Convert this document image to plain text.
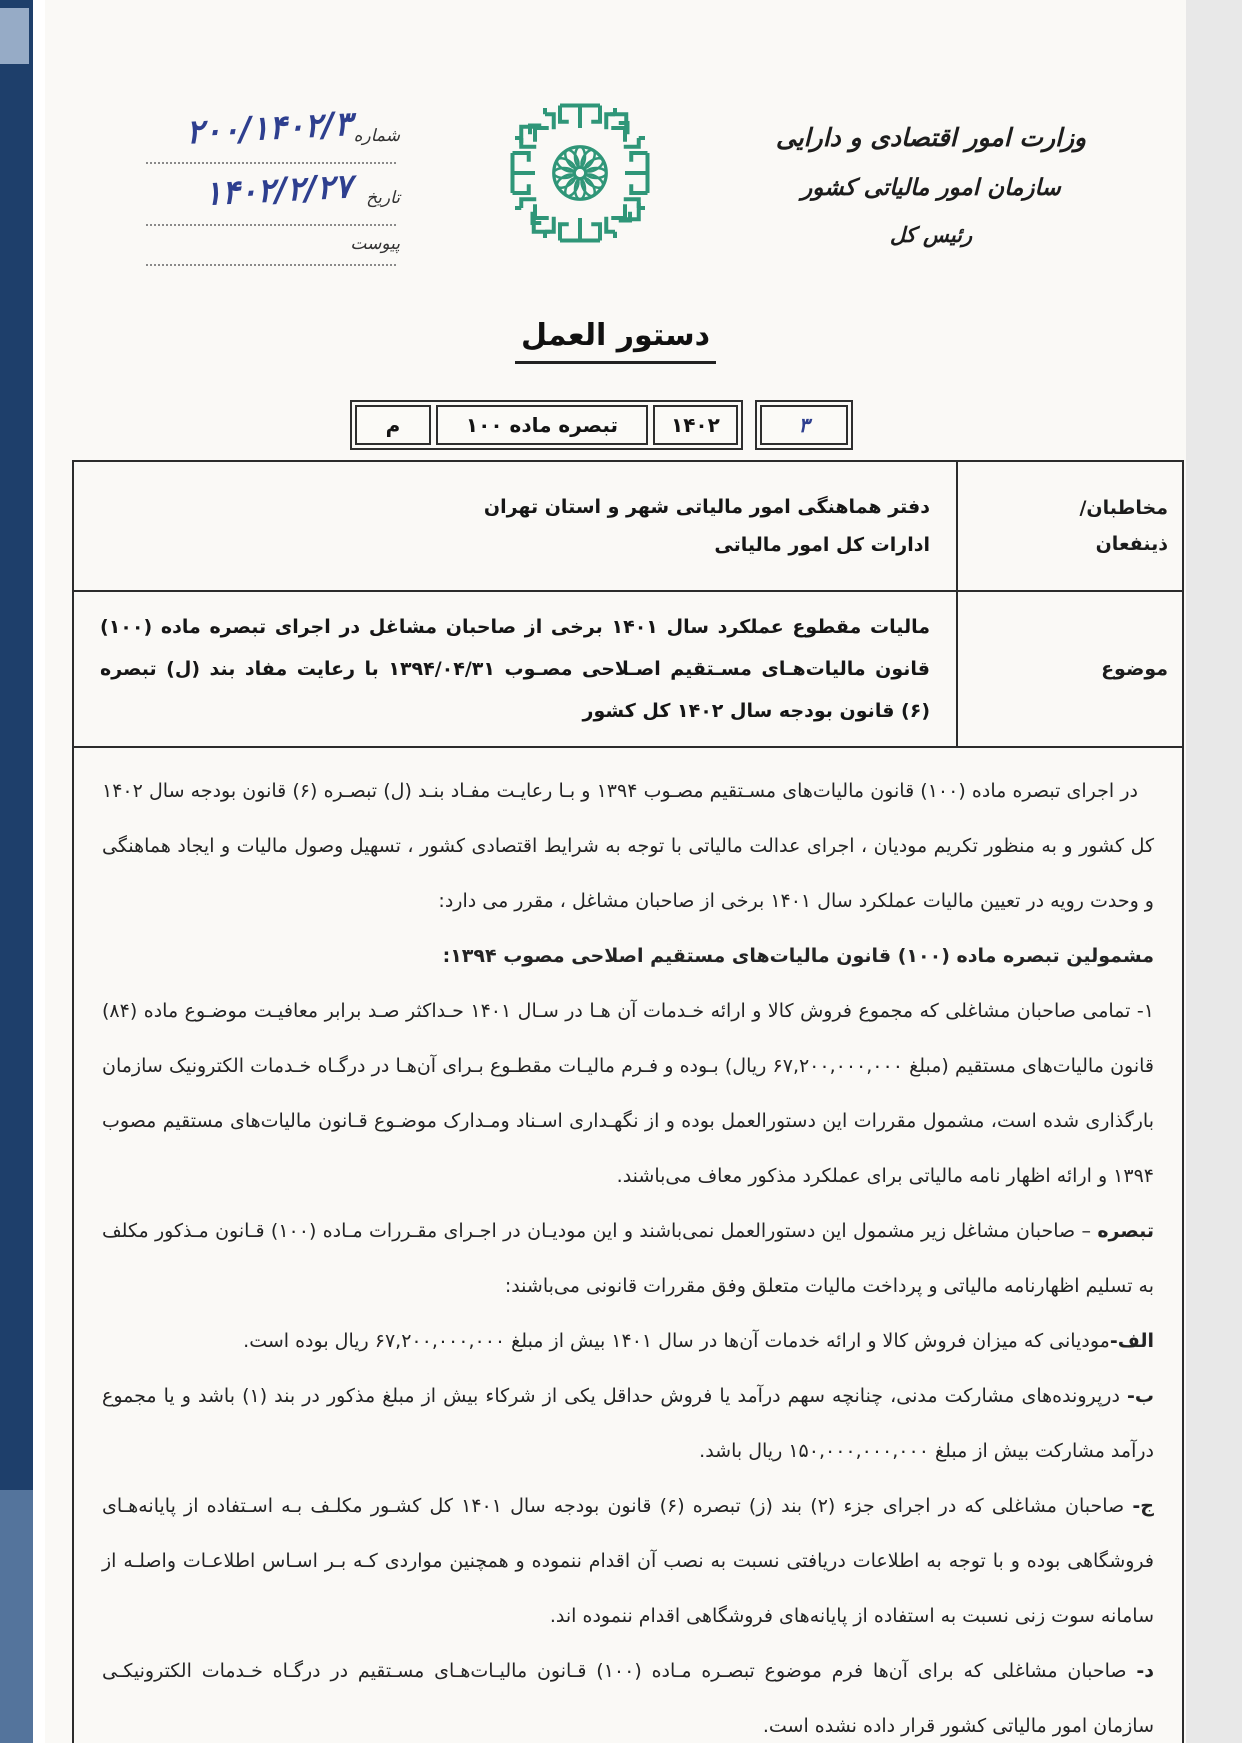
شماره
۲۰۰/۱۴۰۲/۳
تاریخ
۱۴۰۲/۲/۲۷
پیوست
وزارت امور اقتصادی و دارایی
سازمان امور مالیاتی کشور
رئیس کل
دستور العمل
۳
۱۴۰۲
تبصره ماده ۱۰۰
م
مخاطبان/
ذینفعان
دفتر هماهنگی امور مالیاتی شهر و استان تهران
ادارات کل امور مالیاتی
موضوع
مالیات مقطوع عملکرد سال ۱۴۰۱ برخی از صاحبان مشاغل در اجرای تبصره ماده (۱۰۰) قانون مالیات‌هـای مسـتقیم اصـلاحی مصـوب ۱۳۹۴/۰۴/۳۱ با رعایت مفاد بند (ل) تبصره (۶) قانون بودجه سال ۱۴۰۲ کل کشور

در اجرای تبصره ماده (۱۰۰) قانون مالیات‌های مسـتقیم مصـوب ۱۳۹۴ و بـا رعایـت مفـاد بنـد (ل) تبصـره (۶) قانون بودجه سال ۱۴۰۲ کل کشور و به منظور تکریم مودیان ، اجرای عدالت مالیاتی با توجه به شرایط اقتصادی کشور ، تسهیل وصول مالیات و ایجاد هماهنگی و وحدت رویه در تعیین مالیات عملکرد سال ۱۴۰۱ برخی از صاحبان مشاغل ، مقرر می دارد:

مشمولین تبصره ماده (۱۰۰) قانون مالیات‌های مستقیم اصلاحی مصوب ۱۳۹۴:

۱- تمامی صاحبان مشاغلی که مجموع فروش کالا و ارائه خـدمات آن هـا در سـال ۱۴۰۱ حـداکثر صـد برابر معافیـت موضـوع ماده (۸۴) قانون مالیات‌های مستقیم (مبلغ ۶۷,۲۰۰,۰۰۰,۰۰۰ ریال) بـوده و فـرم مالیـات مقطـوع بـرای آن‌هـا در درگـاه خـدمات الکترونیک سازمان بارگذاری شده است، مشمول مقررات این دستورالعمل بوده و از نگهـداری اسـناد ومـدارک موضـوع قـانون مالیات‌های مستقیم مصوب ۱۳۹۴ و ارائه اظهار نامه مالیاتی برای عملکرد مذکور معاف می‌باشند.

تبصره – صاحبان مشاغل زیر مشمول این دستورالعمل نمی‌باشند و این مودیـان در اجـرای مقـررات مـاده (۱۰۰) قـانون مـذکور مکلف به تسلیم اظهارنامه مالیاتی و پرداخت مالیات متعلق وفق مقررات قانونی می‌باشند:

الف-مودیانی که میزان فروش کالا و ارائه خدمات آن‌ها در سال ۱۴۰۱ بیش از مبلغ ۶۷,۲۰۰,۰۰۰,۰۰۰ ریال بوده است.

ب- درپرونده‌های مشارکت مدنی، چنانچه سهم درآمد یا فروش حداقل یکی از شرکاء بیش از مبلغ مذکور در بند (۱) باشد و یا مجموع درآمد مشارکت بیش از مبلغ ۱۵۰,۰۰۰,۰۰۰,۰۰۰ ریال باشد.

ج- صاحبان مشاغلی که در اجرای جزء (۲) بند (ز) تبصره (۶) قانون بودجه سال ۱۴۰۱ کل کشـور مکلـف بـه اسـتفاده از پایانه‌هـای فروشگاهی بوده و با توجه به اطلاعات دریافتی نسبت به نصب آن اقدام ننموده و همچنین مواردی کـه بـر اسـاس اطلاعـات واصلـه از سامانه سوت زنی نسبت به استفاده از پایانه‌های فروشگاهی اقدام ننموده اند.

د- صاحبان مشاغلی که برای آن‌ها فرم موضوع تبصـره مـاده (۱۰۰) قـانون مالیـات‌هـای مسـتقیم در درگـاه خـدمات الکترونیکـی سازمان امور مالیاتی کشور قرار داده نشده است.
